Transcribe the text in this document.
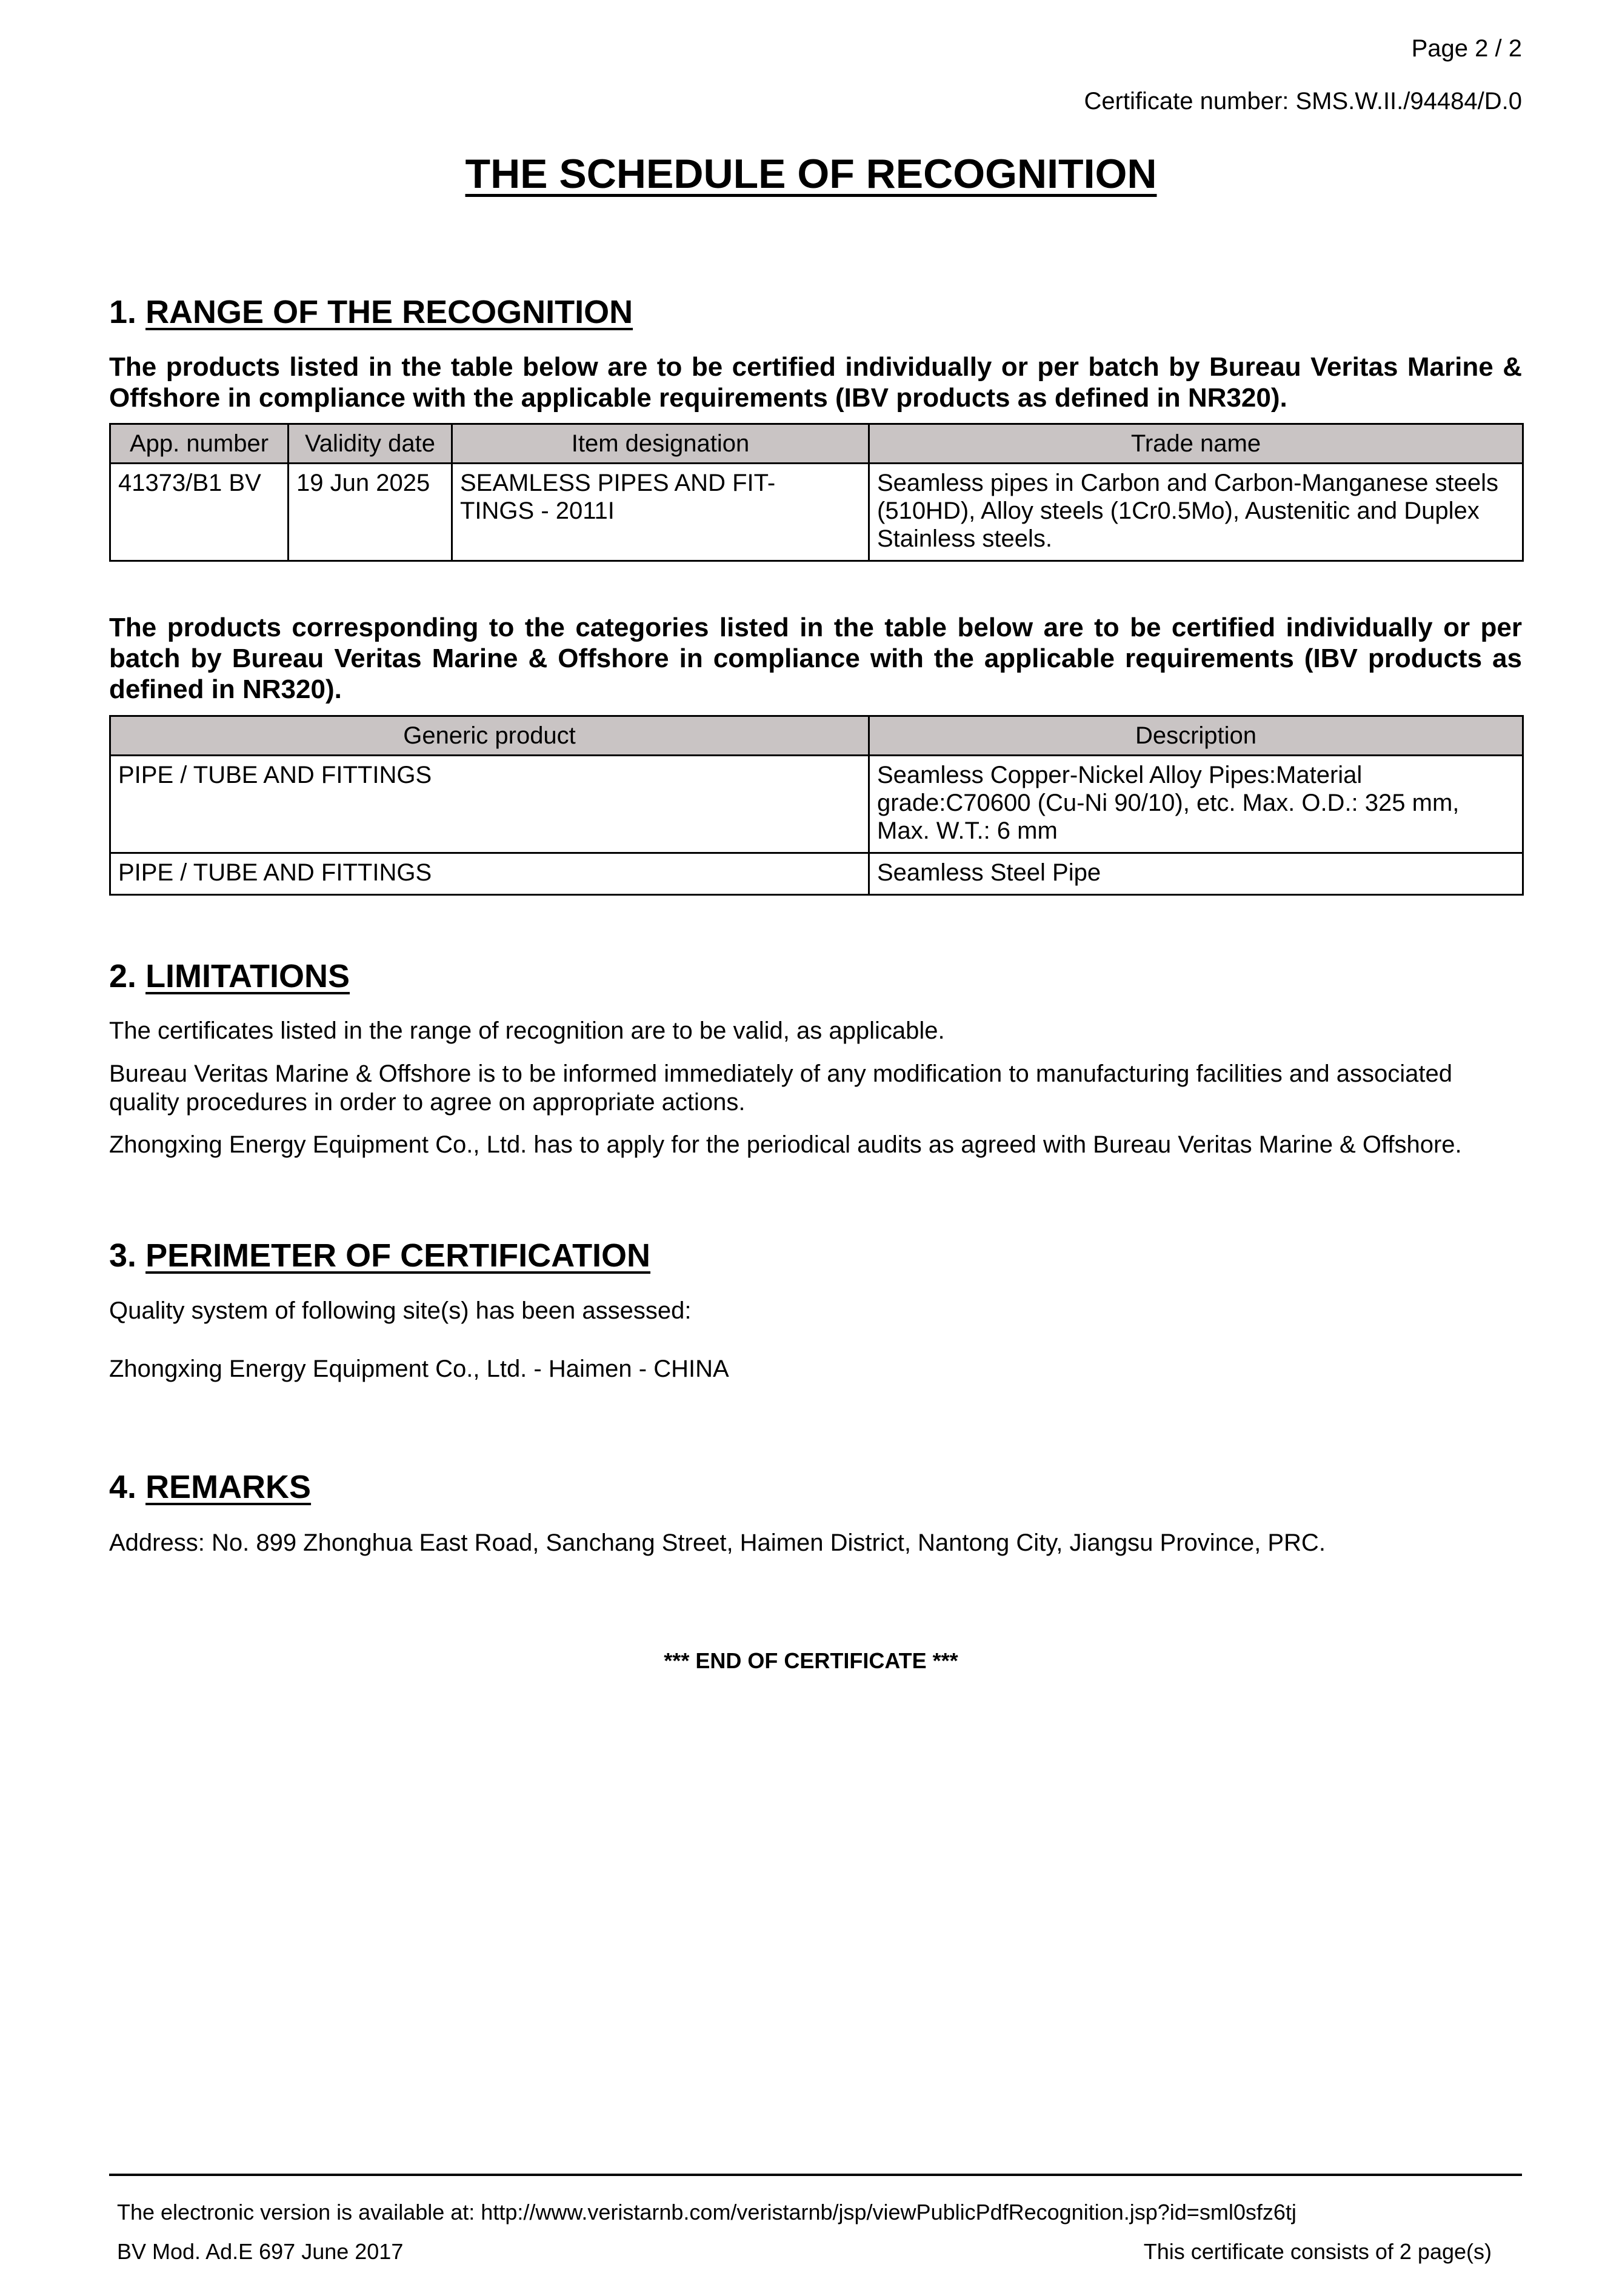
Page 2 / 2
Certificate number: SMS.W.II./94484/D.0
THE SCHEDULE OF RECOGNITION
1. RANGE OF THE RECOGNITION
The products listed in the table below are to be certified individually or per batch by Bureau Veritas Marine & Offshore in compliance with the applicable requirements (IBV products as defined in NR320).
App. number	Validity date	Item designation	Trade name
41373/B1 BV	19 Jun 2025	SEAMLESS PIPES AND FIT-TINGS - 2011I	Seamless pipes in Carbon and Carbon-Manganese steels (510HD), Alloy steels (1Cr0.5Mo), Austenitic and Duplex Stainless steels.
The products corresponding to the categories listed in the table below are to be certified individually or per batch by Bureau Veritas Marine & Offshore in compliance with the applicable requirements (IBV products as defined in NR320).
Generic product	Description
PIPE / TUBE AND FITTINGS	Seamless Copper-Nickel Alloy Pipes:Material grade:C70600 (Cu-Ni 90/10), etc. Max. O.D.: 325 mm, Max. W.T.: 6 mm
PIPE / TUBE AND FITTINGS	Seamless Steel Pipe
2. LIMITATIONS
The certificates listed in the range of recognition are to be valid, as applicable.
Bureau Veritas Marine & Offshore is to be informed immediately of any modification to manufacturing facilities and associated quality procedures in order to agree on appropriate actions.
Zhongxing Energy Equipment Co., Ltd. has to apply for the periodical audits as agreed with Bureau Veritas Marine & Offshore.
3. PERIMETER OF CERTIFICATION
Quality system of following site(s) has been assessed:
Zhongxing Energy Equipment Co., Ltd. - Haimen - CHINA
4. REMARKS
Address: No. 899 Zhonghua East Road, Sanchang Street, Haimen District, Nantong City, Jiangsu Province, PRC.
*** END OF CERTIFICATE ***
The electronic version is available at: http://www.veristarnb.com/veristarnb/jsp/viewPublicPdfRecognition.jsp?id=sml0sfz6tj
BV Mod. Ad.E 697 June 2017	This certificate consists of 2 page(s)
